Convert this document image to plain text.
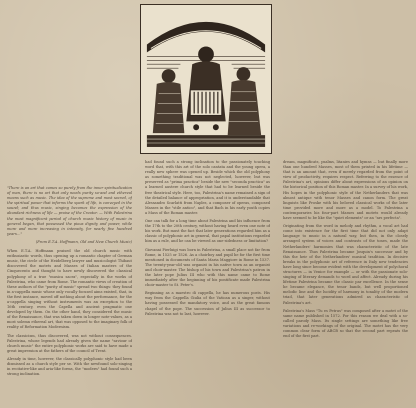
"There is an art that comes so purely from the inner spiritualization of man, there is no art that only needs purity so-and and ethereal means such as music. The idea of the supreme and most sacred, of the spiritual power that informs the spark of life, is conveyed in the sound; and thus music, singing becomes the expression of the abundant richness of life — praise of the Creator. — With Palestrina the most magnificent period of church music history of music in general began, that possessed the pious dignity and power, while more and more increasing in intensity, for nearly five hundred years…"

(From E.T.A. Hoffmann, Old and New Church Music)

When E.T.A. Hoffmann praised the old church music with enthusiastic words, thus opening up a romantic chapter of German music, the circle of the Heidelberg lawyer and musicologist Thibaut discovered the motets and Masses of Italian masters of the Cinquecento and thought to have newly discovered the classical polyphony of a true "musica sacra", especially in the works of Palestrina, who came from Rome. The romantic views of creation of these authors of the "purity of music" spread two things: they found in a-cappella music whose only vocally focused aims existed, that, in the first instance, moved off nothing about the performance, for the a-cappella singing without instruments was an exception to the 16th century, even the Capella and ancient pragmatic one developed by them. On the other hand, they considered the music of the Renaissance, that was taken down in longer note-values, as a most solemn ethereal art, that was opposed to the imaginary folk of reality of Reformation Modernism.

The classicism, thus discovered, was not without consequences. Palestrina, whose legends had already given the name "saviour of church music" the entire polyphonic works are said to have made a great impression at the fathers of the council of Trent.

Already in time, however, the classically polyphonic style had been dismissed as a church style per se. With the newfound solo-singing in recitative-like and aria-like forms, the "modern" had found such a strong inclination.

had found such a strong inclination to the passionately touching word that, with this art of the solo cantata and the young opera, a really new sphere was opened up. Beside which the old polyphony as something traditional was not neglected, however, but was preserved as "prima practica" beside the new "seconda practica" as a learned austere church style that had to be learned beside the free theatrical style. Here, too, Palestrina's name remained a sign of the detailed balance of appropriation, and it is understandable that Alessandro Scarlatti from Naples, a composer of operas, composed Masses in the "stile antico", and that Bach in his early youth copies a Mass of the Roman master.

One can talk for a long time about Palestrina and his influence from the 17th to the 20th century, without having heard even one note of his work. But must the fact that later generations regarded him as a classic of polyphonic art in general, that papal institutions regarded him as a rule, and he can be viewed as one-sidedness or limitation?

Giovanni Pierluigi was born in Palestrina, a small place not far from Rome, in 1525 or 1526. As a choirboy and pupil he for the first time mentioned in documents of Santa Maria Maggiore in Rome in 1537. The twenty-year-old was organist in his native town as an organist and choir-master. The bishop of his town and Palestrina's patron in the later pope Julius III who with this name came to Rome immediately after the beginning of his pontificate made Palestrina choir-master to St. Peter's.

Beginning as a maestro di cappella, he has numerous posts. His way from the Cappella Giulia of the Vatican as a singer, without having possessed the mandatory voice, and as the great famous chapel of the pope. The succession of Julius III as successor to Palestrina was not to last, however.

dream, magnificats, psalms, litanies and hymns — but finally more than one hundred Masses, most of them printed in his lifetime — that is an amount that, even if merely regarded from the point of view of productivity, requires respect. Referring to the essence of Palestrina's art, opinions differ about expressions of an opinion on the historical position of this Roman master. In a survey of his work, His hopes in the polyphonic style of the Netherlanders that was almost antique with tenor Masses and canon form. The great linguists like Proske with his beloved classical works of the later time provided more and more as a model. To Palestrina a contemporaries his four-part Masses and motets would already have seemed to be like the "quiet elements" or an "ars perfecta".

Originating from the word in melody and rhythm, a vocal art had come into existence for the first time that did not only adapt language to music in a natural way, but then, in the closely arranged system of voices and contrasts of the tones, made the Netherlanders' harmonies that was characteristic of the late Renaissance. Thus Palestrina became Josquin's successor and by this the heir of the Netherlanders' musical tradition. In decisive breaks in the polyphonic art of reference in Italy new tendencies have long since become evident with the development of polychoral structures — in Venice for example — or with the passionate solo-singing of literary demands to word and affect. Already during his lifetime Palestrina became the classic par excellence. In the sense he became elegance, the tenor bands, but well proportioned melodic line and the lucidity of harmony in tonality of the modern triad, that later generations admired as characteristic of Palestrina's art.

Palestrina's Mass "Tu es Petrus" was composed after a motet of the same name published in 1572. For this reason we deal with a so-called parody Mass. Its single settings are something like free variations and re-workings of the original. The motet has the very common clear form of ABCB so that the second part repeats the end of the first part.
